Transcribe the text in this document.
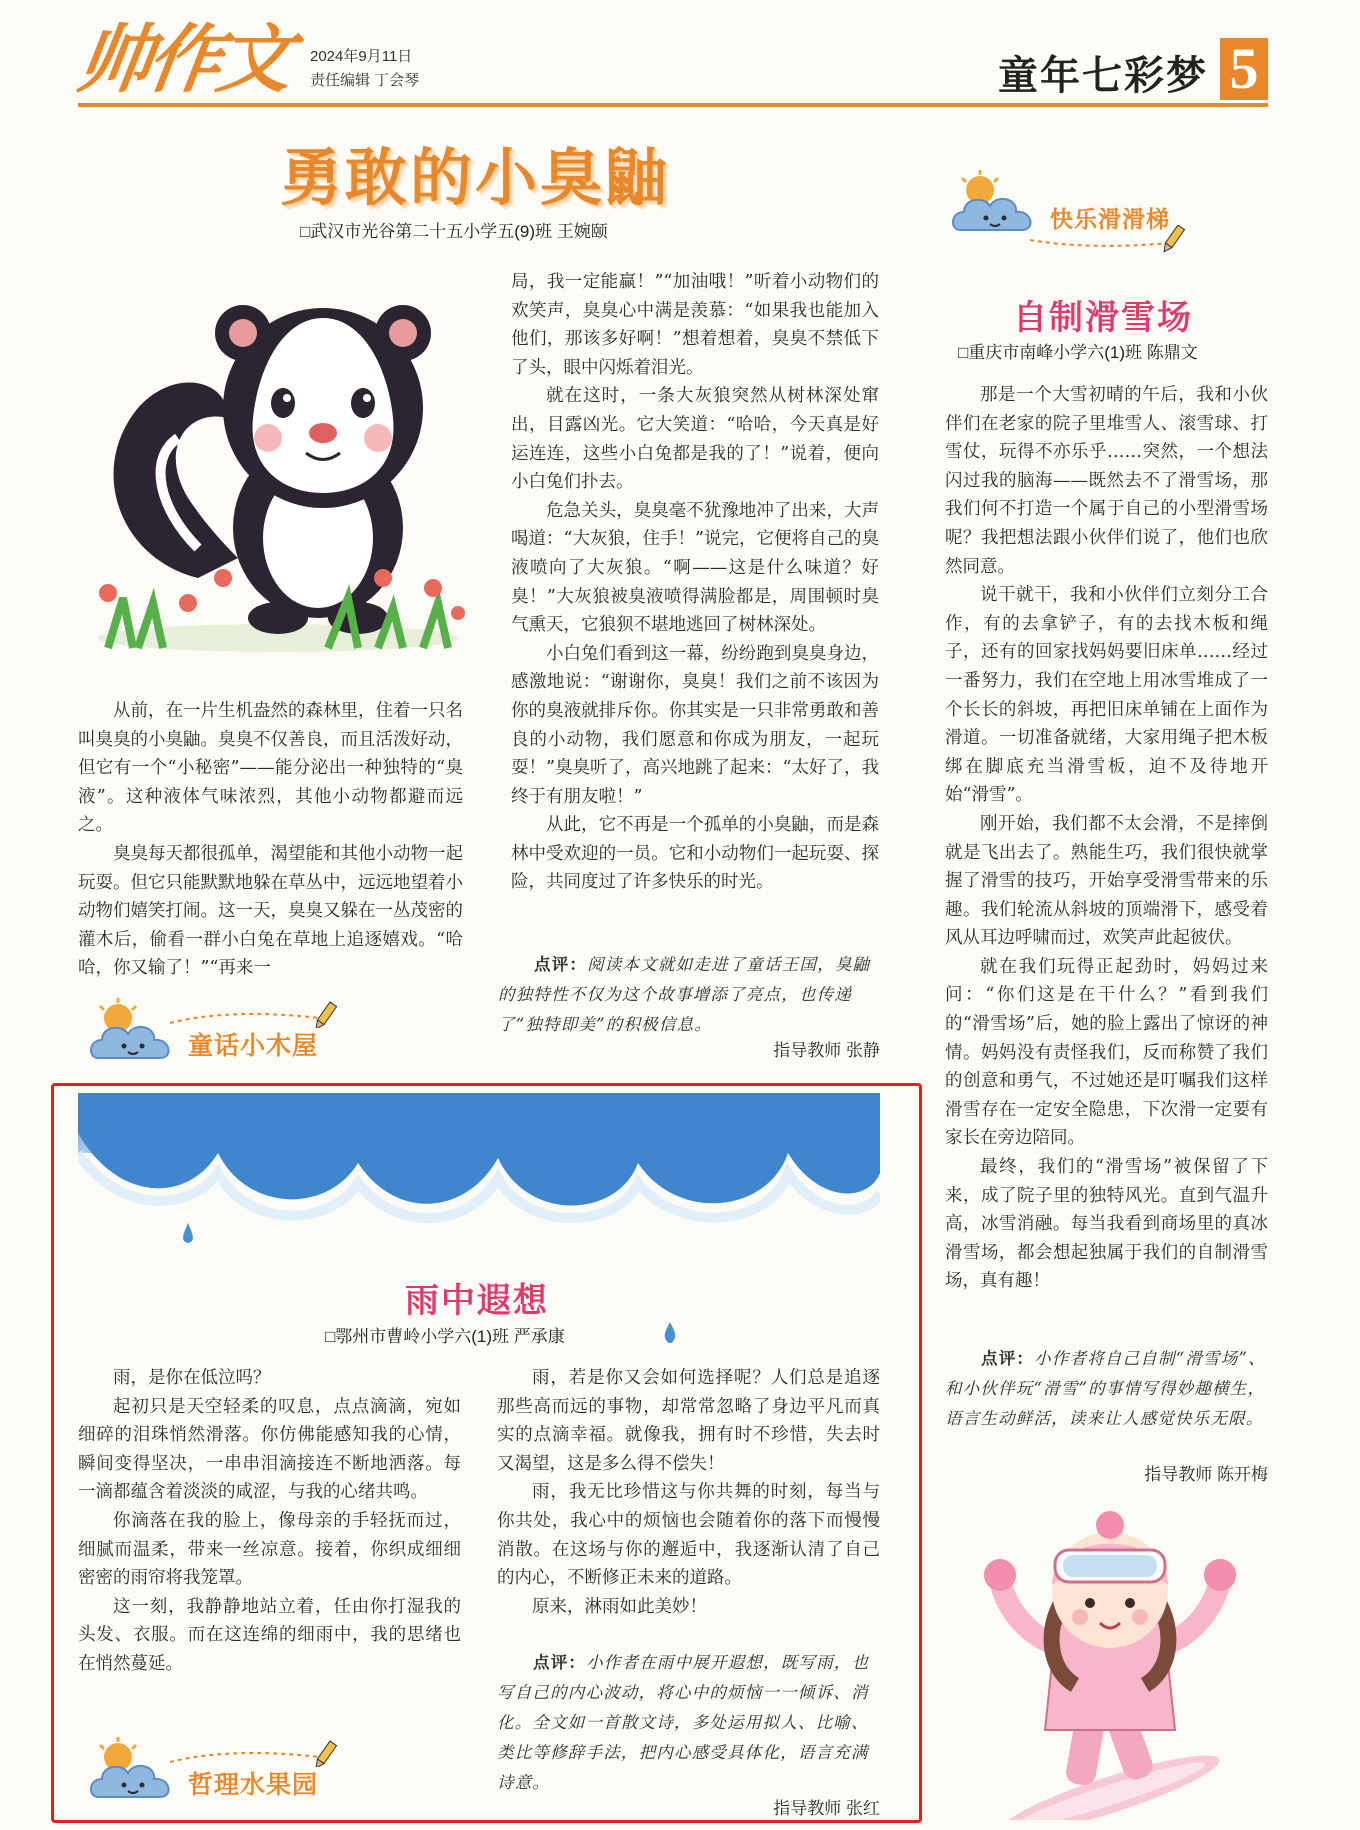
帅作文	2024年9月11日
责任编辑 丁会琴	童年七彩梦 5
勇敢的小臭鼬
□武汉市光谷第二十五小学五(9)班 王婉颐

从前，在一片生机盎然的森林里，住着一只名叫臭臭的小臭鼬。臭臭不仅善良，而且活泼好动，但它有一个“小秘密”——能分泌出一种独特的“臭液”。这种液体气味浓烈，其他小动物都避而远之。

臭臭每天都很孤单，渴望能和其他小动物一起玩耍。但它只能默默地躲在草丛中，远远地望着小动物们嬉笑打闹。这一天，臭臭又躲在一丛茂密的灌木后，偷看一群小白兔在草地上追逐嬉戏。“哈哈，你又输了！”“再来一

局，我一定能赢！”“加油哦！”听着小动物们的欢笑声，臭臭心中满是羡慕：“如果我也能加入他们，那该多好啊！”想着想着，臭臭不禁低下了头，眼中闪烁着泪光。

就在这时，一条大灰狼突然从树林深处窜出，目露凶光。它大笑道：“哈哈，今天真是好运连连，这些小白兔都是我的了！”说着，便向小白兔们扑去。

危急关头，臭臭毫不犹豫地冲了出来，大声喝道：“大灰狼，住手！”说完，它便将自己的臭液喷向了大灰狼。“啊——这是什么味道？好臭！”大灰狼被臭液喷得满脸都是，周围顿时臭气熏天，它狼狈不堪地逃回了树林深处。

小白兔们看到这一幕，纷纷跑到臭臭身边，感激地说：“谢谢你，臭臭！我们之前不该因为你的臭液就排斥你。你其实是一只非常勇敢和善良的小动物，我们愿意和你成为朋友，一起玩耍！”臭臭听了，高兴地跳了起来：“太好了，我终于有朋友啦！”

从此，它不再是一个孤单的小臭鼬，而是森林中受欢迎的一员。它和小动物们一起玩耍、探险，共同度过了许多快乐的时光。

点评：阅读本文就如走进了童话王国，臭鼬的独特性不仅为这个故事增添了亮点，也传递了“独特即美”的积极信息。
指导教师 张静
童话小木屋
雨中遐想
□鄂州市曹岭小学六(1)班 严承康

雨，是你在低泣吗？

起初只是天空轻柔的叹息，点点滴滴，宛如细碎的泪珠悄然滑落。你仿佛能感知我的心情，瞬间变得坚决，一串串泪滴接连不断地洒落。每一滴都蕴含着淡淡的咸涩，与我的心绪共鸣。

你滴落在我的脸上，像母亲的手轻抚而过，细腻而温柔，带来一丝凉意。接着，你织成细细密密的雨帘将我笼罩。

这一刻，我静静地站立着，任由你打湿我的头发、衣服。而在这连绵的细雨中，我的思绪也在悄然蔓延。

雨，若是你又会如何选择呢？人们总是追逐那些高而远的事物，却常常忽略了身边平凡而真实的点滴幸福。就像我，拥有时不珍惜，失去时又渴望，这是多么得不偿失！

雨，我无比珍惜这与你共舞的时刻，每当与你共处，我心中的烦恼也会随着你的落下而慢慢消散。在这场与你的邂逅中，我逐渐认清了自己的内心，不断修正未来的道路。

原来，淋雨如此美妙！

点评：小作者在雨中展开遐想，既写雨，也写自己的内心波动，将心中的烦恼一一倾诉、消化。全文如一首散文诗，多处运用拟人、比喻、类比等修辞手法，把内心感受具体化，语言充满诗意。
指导教师 张红
哲理水果园
快乐滑滑梯
自制滑雪场
□重庆市南峰小学六(1)班 陈鼎文

那是一个大雪初晴的午后，我和小伙伴们在老家的院子里堆雪人、滚雪球、打雪仗，玩得不亦乐乎……突然，一个想法闪过我的脑海——既然去不了滑雪场，那我们何不打造一个属于自己的小型滑雪场呢？我把想法跟小伙伴们说了，他们也欣然同意。

说干就干，我和小伙伴们立刻分工合作，有的去拿铲子，有的去找木板和绳子，还有的回家找妈妈要旧床单……经过一番努力，我们在空地上用冰雪堆成了一个长长的斜坡，再把旧床单铺在上面作为滑道。一切准备就绪，大家用绳子把木板绑在脚底充当滑雪板，迫不及待地开始“滑雪”。

刚开始，我们都不太会滑，不是摔倒就是飞出去了。熟能生巧，我们很快就掌握了滑雪的技巧，开始享受滑雪带来的乐趣。我们轮流从斜坡的顶端滑下，感受着风从耳边呼啸而过，欢笑声此起彼伏。

就在我们玩得正起劲时，妈妈过来问：“你们这是在干什么？”看到我们的“滑雪场”后，她的脸上露出了惊讶的神情。妈妈没有责怪我们，反而称赞了我们的创意和勇气，不过她还是叮嘱我们这样滑雪存在一定安全隐患，下次滑一定要有家长在旁边陪同。

最终，我们的“滑雪场”被保留了下来，成了院子里的独特风光。直到气温升高，冰雪消融。每当我看到商场里的真冰滑雪场，都会想起独属于我们的自制滑雪场，真有趣！

点评：小作者将自己自制“滑雪场”、和小伙伴玩“滑雪”的事情写得妙趣横生，语言生动鲜活，读来让人感觉快乐无限。
指导教师 陈开梅
